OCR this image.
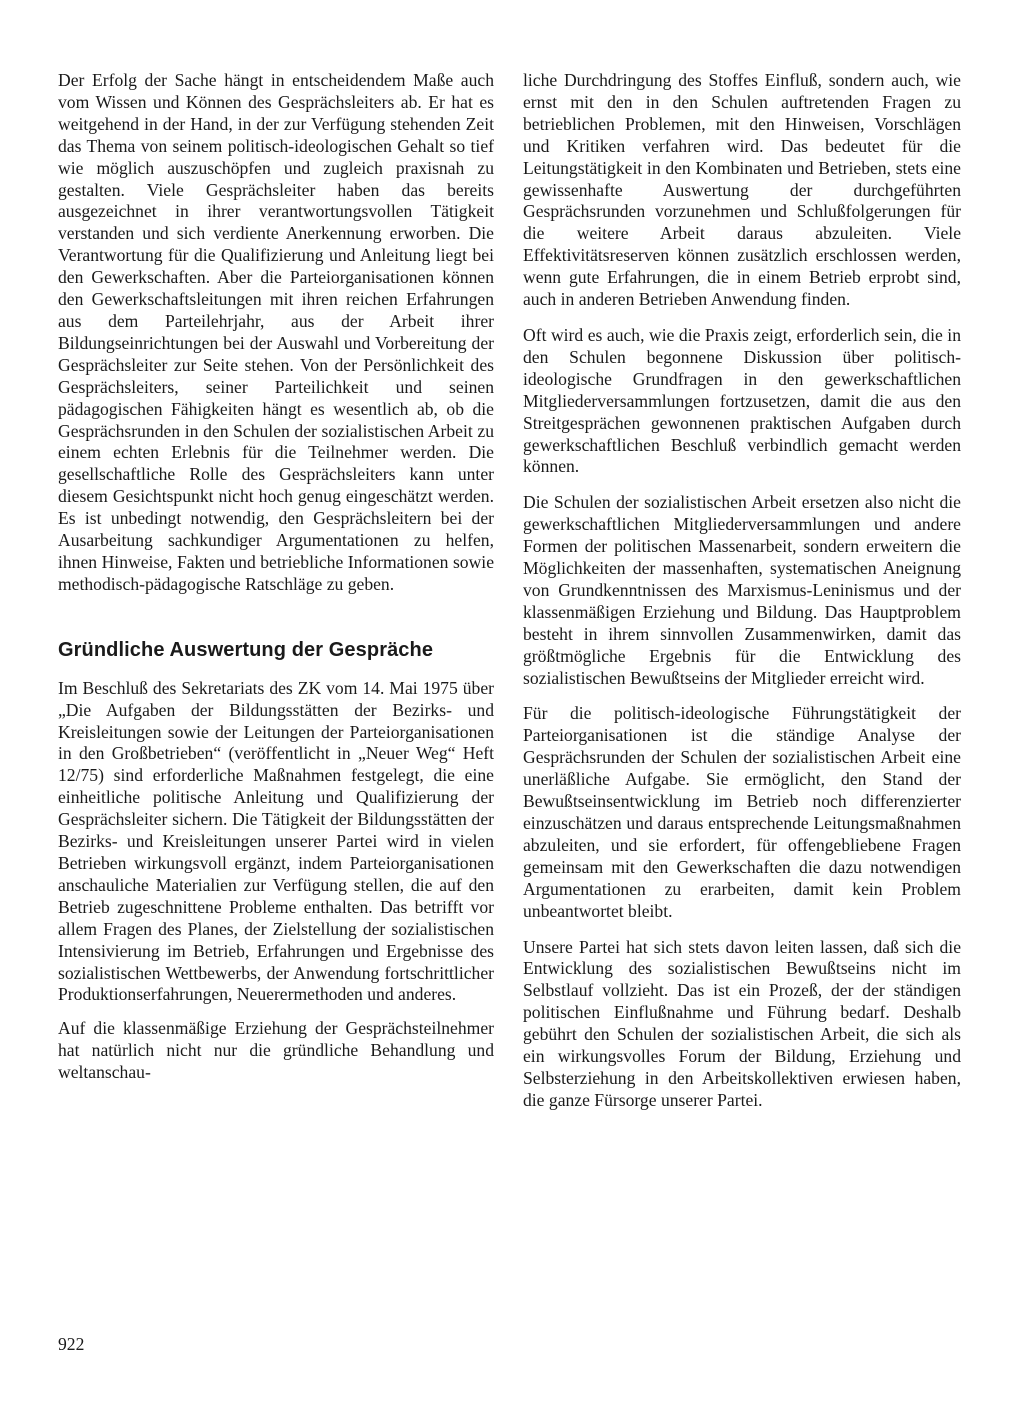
Der Erfolg der Sache hängt in entscheidendem Maße auch vom Wissen und Können des Gesprächsleiters ab. Er hat es weitgehend in der Hand, in der zur Verfügung stehenden Zeit das Thema von seinem politisch-ideologischen Gehalt so tief wie möglich auszuschöpfen und zugleich praxisnah zu gestalten. Viele Gesprächsleiter haben das bereits ausgezeichnet in ihrer verantwortungsvollen Tätigkeit verstanden und sich verdiente Anerkennung erworben. Die Verantwortung für die Qualifizierung und Anleitung liegt bei den Gewerkschaften. Aber die Parteiorganisationen können den Gewerkschaftsleitungen mit ihren reichen Erfahrungen aus dem Parteilehrjahr, aus der Arbeit ihrer Bildungseinrichtungen bei der Auswahl und Vorbereitung der Gesprächsleiter zur Seite stehen. Von der Persönlichkeit des Gesprächsleiters, seiner Parteilichkeit und seinen pädagogischen Fähigkeiten hängt es wesentlich ab, ob die Gesprächsrunden in den Schulen der sozialistischen Arbeit zu einem echten Erlebnis für die Teilnehmer werden. Die gesellschaftliche Rolle des Gesprächsleiters kann unter diesem Gesichtspunkt nicht hoch genug eingeschätzt werden. Es ist unbedingt notwendig, den Gesprächsleitern bei der Ausarbeitung sachkundiger Argumentationen zu helfen, ihnen Hinweise, Fakten und betriebliche Informationen sowie methodisch-pädagogische Ratschläge zu geben.

Gründliche Auswertung der Gespräche

Im Beschluß des Sekretariats des ZK vom 14. Mai 1975 über „Die Aufgaben der Bildungsstätten der Bezirks- und Kreisleitungen sowie der Leitungen der Parteiorganisationen in den Großbetrieben“ (veröffentlicht in „Neuer Weg“ Heft 12/75) sind erforderliche Maßnahmen festgelegt, die eine einheitliche politische Anleitung und Qualifizierung der Gesprächsleiter sichern. Die Tätigkeit der Bildungsstätten der Bezirks- und Kreisleitungen unserer Partei wird in vielen Betrieben wirkungsvoll ergänzt, indem Parteiorganisationen anschauliche Materialien zur Verfügung stellen, die auf den Betrieb zugeschnittene Probleme enthalten. Das betrifft vor allem Fragen des Planes, der Zielstellung der sozialistischen Intensivierung im Betrieb, Erfahrungen und Ergebnisse des sozialistischen Wettbewerbs, der Anwendung fortschrittlicher Produktionserfahrungen, Neuerermethoden und anderes.

Auf die klassenmäßige Erziehung der Gesprächsteilnehmer hat natürlich nicht nur die gründliche Behandlung und weltanschau-

liche Durchdringung des Stoffes Einfluß, sondern auch, wie ernst mit den in den Schulen auftretenden Fragen zu betrieblichen Problemen, mit den Hinweisen, Vorschlägen und Kritiken verfahren wird. Das bedeutet für die Leitungstätigkeit in den Kombinaten und Betrieben, stets eine gewissenhafte Auswertung der durchgeführten Gesprächsrunden vorzunehmen und Schlußfolgerungen für die weitere Arbeit daraus abzuleiten. Viele Effektivitätsreserven können zusätzlich erschlossen werden, wenn gute Erfahrungen, die in einem Betrieb erprobt sind, auch in anderen Betrieben Anwendung finden.

Oft wird es auch, wie die Praxis zeigt, erforderlich sein, die in den Schulen begonnene Diskussion über politisch-ideologische Grundfragen in den gewerkschaftlichen Mitgliederversammlungen fortzusetzen, damit die aus den Streitgesprächen gewonnenen praktischen Aufgaben durch gewerkschaftlichen Beschluß verbindlich gemacht werden können.

Die Schulen der sozialistischen Arbeit ersetzen also nicht die gewerkschaftlichen Mitgliederversammlungen und andere Formen der politischen Massenarbeit, sondern erweitern die Möglichkeiten der massenhaften, systematischen Aneignung von Grundkenntnissen des Marxismus-Leninismus und der klassenmäßigen Erziehung und Bildung. Das Hauptproblem besteht in ihrem sinnvollen Zusammenwirken, damit das größtmögliche Ergebnis für die Entwicklung des sozialistischen Bewußtseins der Mitglieder erreicht wird.

Für die politisch-ideologische Führungstätigkeit der Parteiorganisationen ist die ständige Analyse der Gesprächsrunden der Schulen der sozialistischen Arbeit eine unerläßliche Aufgabe. Sie ermöglicht, den Stand der Bewußtseinsentwicklung im Betrieb noch differenzierter einzuschätzen und daraus entsprechende Leitungsmaßnahmen abzuleiten, und sie erfordert, für offengebliebene Fragen gemeinsam mit den Gewerkschaften die dazu notwendigen Argumentationen zu erarbeiten, damit kein Problem unbeantwortet bleibt.

Unsere Partei hat sich stets davon leiten lassen, daß sich die Entwicklung des sozialistischen Bewußtseins nicht im Selbstlauf vollzieht. Das ist ein Prozeß, der der ständigen politischen Einflußnahme und Führung bedarf. Deshalb gebührt den Schulen der sozialistischen Arbeit, die sich als ein wirkungsvolles Forum der Bildung, Erziehung und Selbsterziehung in den Arbeitskollektiven erwiesen haben, die ganze Fürsorge unserer Partei.

922
